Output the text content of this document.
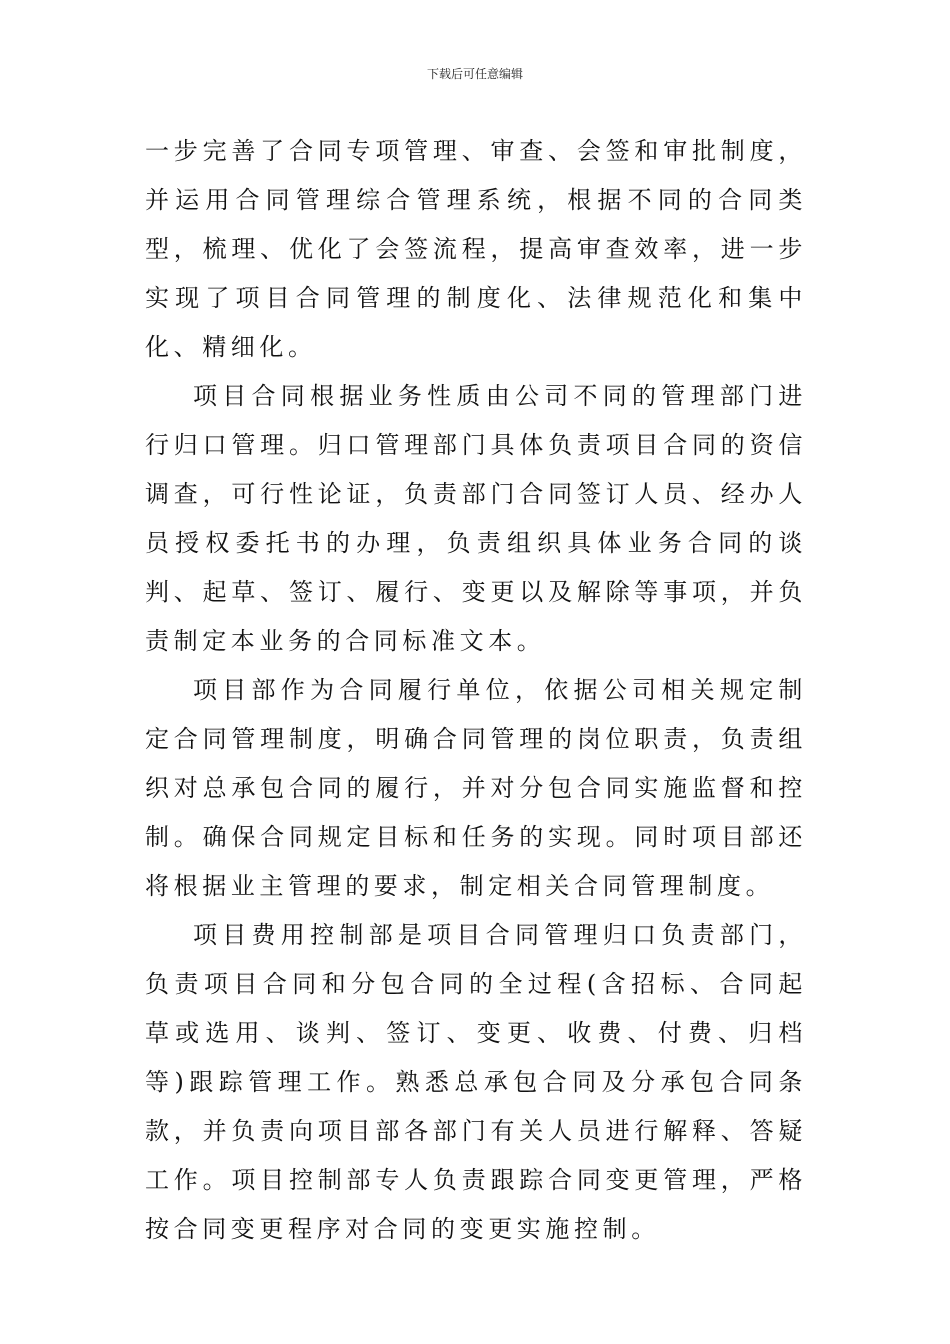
下载后可任意编辑

一步完善了合同专项管理、审查、会签和审批制度，并运用合同管理综合管理系统，根据不同的合同类型，梳理、优化了会签流程，提高审查效率，进一步实现了项目合同管理的制度化、法律规范化和集中化、精细化。

项目合同根据业务性质由公司不同的管理部门进行归口管理。归口管理部门具体负责项目合同的资信调查，可行性论证，负责部门合同签订人员、经办人员授权委托书的办理，负责组织具体业务合同的谈判、起草、签订、履行、变更以及解除等事项，并负责制定本业务的合同标准文本。

项目部作为合同履行单位，依据公司相关规定制定合同管理制度，明确合同管理的岗位职责，负责组织对总承包合同的履行，并对分包合同实施监督和控制。确保合同规定目标和任务的实现。同时项目部还将根据业主管理的要求，制定相关合同管理制度。

项目费用控制部是项目合同管理归口负责部门，负责项目合同和分包合同的全过程(含招标、合同起草或选用、谈判、签订、变更、收费、付费、归档等)跟踪管理工作。熟悉总承包合同及分承包合同条款，并负责向项目部各部门有关人员进行解释、答疑工作。项目控制部专人负责跟踪合同变更管理，严格按合同变更程序对合同的变更实施控制。
